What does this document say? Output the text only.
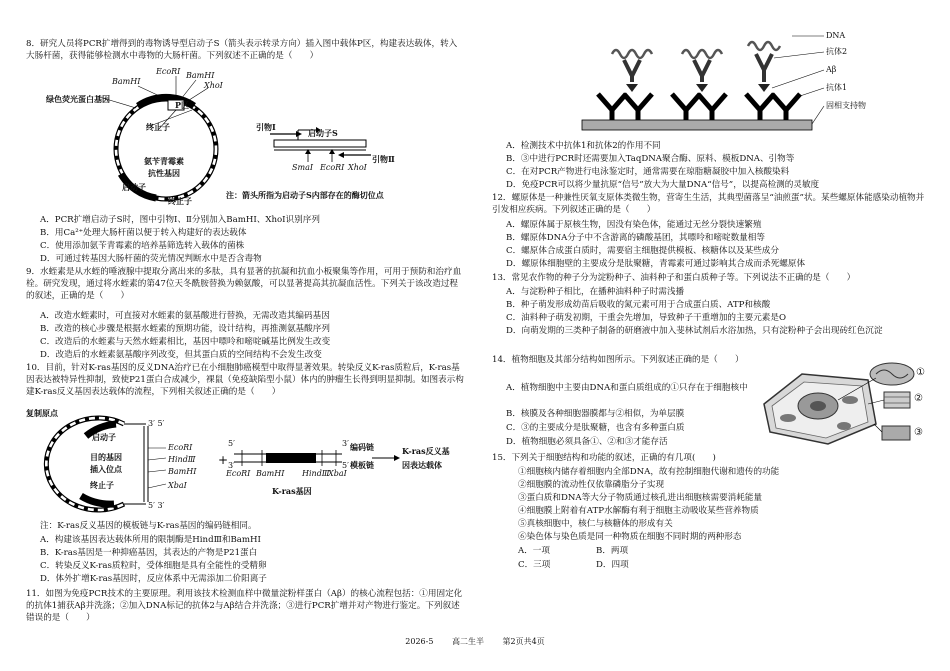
8．研究人员将PCR扩增得到的毒物诱导型启动子S（箭头表示转录方向）插入图中载体P区，构建表达载体，转入大肠杆菌，获得能够检测水中毒物的大肠杆菌。下列叙述不正确的是（　　）

EcoRⅠ BamHⅠ
BamHⅠ	XhoⅠ
绿色荧光蛋白基因
P区
终止子
氨苄青霉素
抗性基因
启动子
终止子
引物Ⅰ
启动子S
引物Ⅱ
SmaⅠ EcoRⅠ XhoⅠ
注：箭头所指为启动子S内部存在的酶切位点

A．PCR扩增启动子S时，图中引物Ⅰ、Ⅱ分别加入BamHⅠ、XhoⅠ识别序列

B．用Ca²⁺处理大肠杆菌以便于转入构建好的表达载体

C．使用添加氨苄青霉素的培养基筛选转入载体的菌株

D．可通过转基因大肠杆菌的荧光情况判断水中是否含毒物

9．水蛭素是从水蛭的唾液腺中提取分离出来的多肽，具有显著的抗凝和抗血小板聚集等作用，可用于预防和治疗血栓。研究发现，通过将水蛭素的第47位天冬酰胺替换为赖氨酸，可以显著提高其抗凝血活性。下列关于该改造过程的叙述，正确的是（　　）

A．改造水蛭素时，可直接对水蛭素的氨基酸进行替换，无需改造其编码基因

B．改造的核心步骤是根据水蛭素的预期功能，设计结构，再推测氨基酸序列

C．改造后的水蛭素与天然水蛭素相比，基因中嘌呤和嘧啶碱基比例发生改变

D．改造后的水蛭素氨基酸序列改变，但其蛋白质的空间结构不会发生改变

10．目前，针对K-ras基因的反义DNA治疗已在小细胞肺癌模型中取得显著效果。转染反义K-ras质粒后，K-ras基因表达被特异性抑制，致使P21蛋白合成减少，裸鼠（免疫缺陷型小鼠）体内的肿瘤生长得到明显抑制。如图表示构建K-ras反义基因表达载体的流程，下列相关叙述正确的是（　　）

+
复制原点
启动子
目的基因
插入位点
终止子
3′ 5′
5′ 3′
EcoRⅠ
HindⅢ
BamHⅠ
XbaⅠ
5′
3′
3′
5′
编码链
模板链
EcoRⅠ BamHⅠ HindⅢ
XbaⅠ
K-ras基因
K-ras反义基
因表达载体

注：K-ras反义基因的模板链与K-ras基因的编码链相同。

A．构建该基因表达载体所用的限制酶是HindⅢ和BamHⅠ

B．K-ras基因是一种抑癌基因，其表达的产物是P21蛋白

C．转染反义K-ras质粒时，受体细胞是具有全能性的受精卵

D．体外扩增K-ras基因时，反应体系中无需添加二价阳离子

11．如图为免疫PCR技术的主要原理。利用该技术检测血样中微量淀粉样蛋白（Aβ）的核心流程包括：①用固定化的抗体1捕获Aβ并洗涤；②加入DNA标记的抗体2与Aβ结合并洗涤；③进行PCR扩增并对产物进行鉴定。下列叙述错误的是（　　）

DNA
抗体2
Aβ
抗体1
固相支持物

A．检测技术中抗体1和抗体2的作用不同

B．③中进行PCR时还需要加入TaqDNA聚合酶、原料、模板DNA、引物等

C．在对PCR产物进行电泳鉴定时，通常需要在琼脂糖凝胶中加入核酸染料

D．免疫PCR可以将少量抗原“信号”放大为大量DNA“信号”，以提高检测的灵敏度

12．螺原体是一种兼性厌氧支原体类微生物，营寄生生活，其典型菌落呈“油煎蛋”状。某些螺原体能感染动植物并引发相应疾病。下列叙述正确的是（　　）

A．螺原体属于原核生物，因没有染色体，能通过无丝分裂快速繁殖

B．螺原体DNA分子中不含游离的磷酸基团，其嘌呤和嘧啶数量相等

C．螺原体合成蛋白质时，需要宿主细胞提供模板、核糖体以及某些成分

D．螺原体细胞壁的主要成分是肽聚糖，青霉素可通过影响其合成而杀死螺原体

13．常见农作物的种子分为淀粉种子、油料种子和蛋白质种子等。下列说法不正确的是（　　）

A．与淀粉种子相比，在播种油料种子时需浅播

B．种子萌发形成幼苗后吸收的氮元素可用于合成蛋白质、ATP和核酸

C．油料种子萌发初期，干重会先增加，导致种子干重增加的主要元素是O

D．向萌发期的三类种子制备的研磨液中加入斐林试剂后水浴加热，只有淀粉种子会出现砖红色沉淀

14．植物细胞及其部分结构如图所示。下列叙述正确的是（　　）

A．植物细胞中主要由DNA和蛋白质组成的①只存在于细胞核中

B．核膜及各种细胞器膜都与②相似，为单层膜

C．③的主要成分是肽聚糖，也含有多种蛋白质

D．植物细胞必须具备①、②和③才能存活

①
②
③

15．下列关于细胞结构和功能的叙述，正确的有几项(　　)

①细胞核内储存着细胞内全部DNA，故有控制细胞代谢和遗传的功能

②细胞膜的流动性仅依靠磷脂分子实现

③蛋白质和DNA等大分子物质通过核孔进出细胞核需要消耗能量

④细胞膜上附着有ATP水解酶有利于细胞主动吸收某些营养物质

⑤真核细胞中，核仁与核糖体的形成有关

⑥染色体与染色质是同一种物质在细胞不同时期的两种形态

A．一项	B．两项

C．三项	D．四项

2026-5 高二生半 第2页共4页
